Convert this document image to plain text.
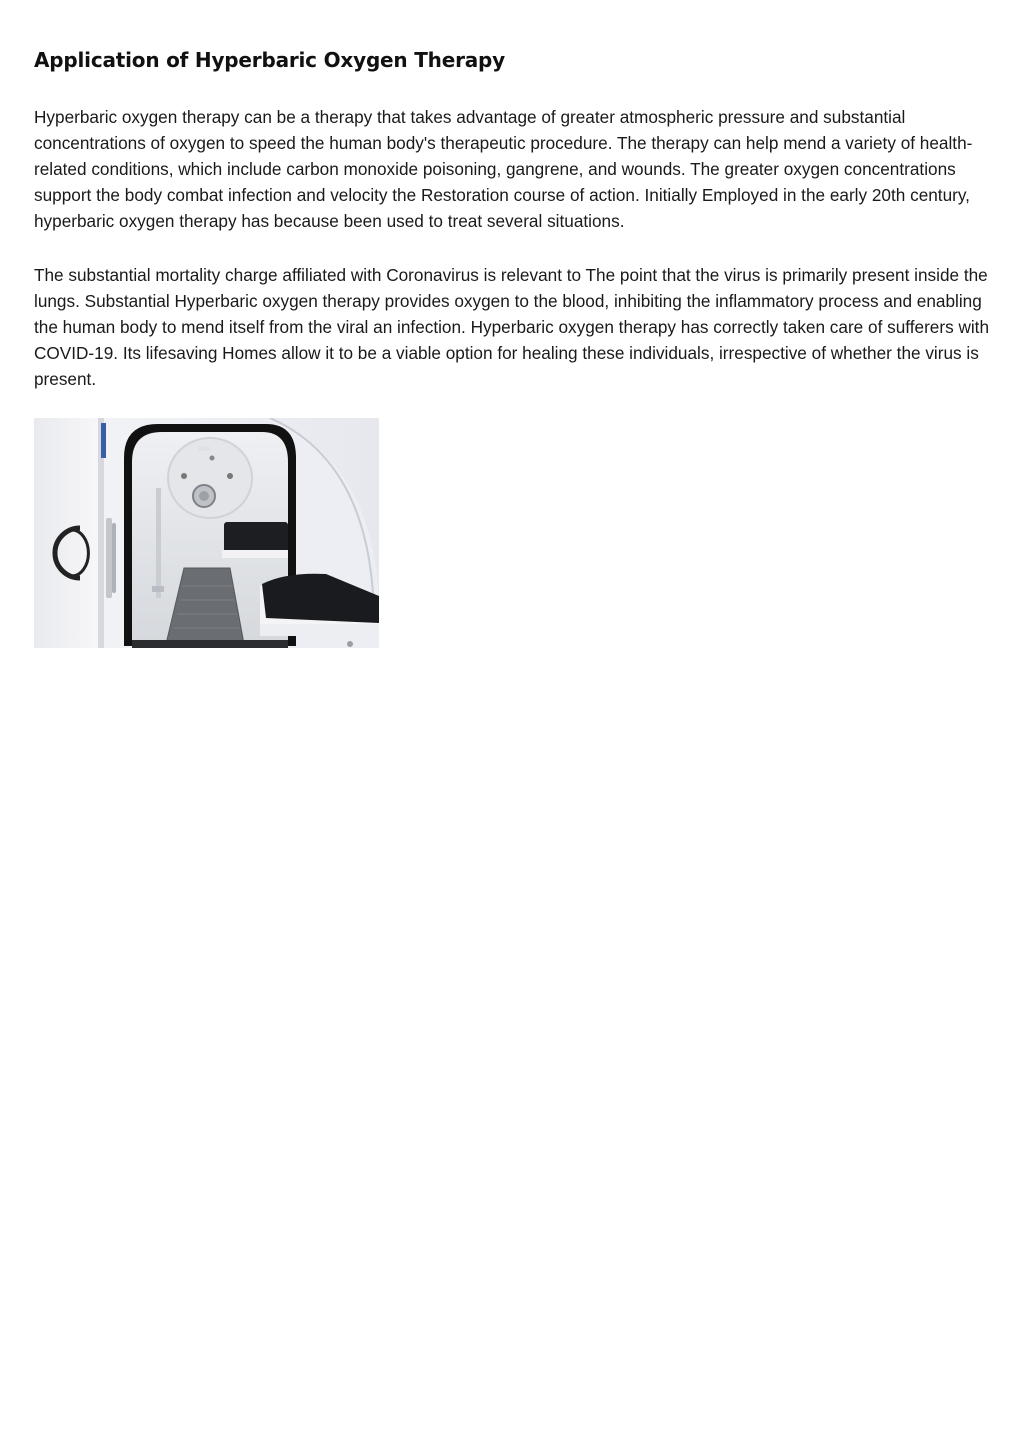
Application of Hyperbaric Oxygen Therapy

Hyperbaric oxygen therapy can be a therapy that takes advantage of greater atmospheric pressure and substantial concentrations of oxygen to speed the human body's therapeutic procedure. The therapy can help mend a variety of health-related conditions, which include carbon monoxide poisoning, gangrene, and wounds. The greater oxygen concentrations support the body combat infection and velocity the Restoration course of action. Initially Employed in the early 20th century, hyperbaric oxygen therapy has because been used to treat several situations.

The substantial mortality charge affiliated with Coronavirus is relevant to The point that the virus is primarily present inside the lungs. Substantial Hyperbaric oxygen therapy provides oxygen to the blood, inhibiting the inflammatory process and enabling the human body to mend itself from the viral an infection. Hyperbaric oxygen therapy has correctly taken care of sufferers with COVID-19. Its lifesaving Homes allow it to be a viable option for healing these individuals, irrespective of whether the virus is present.
